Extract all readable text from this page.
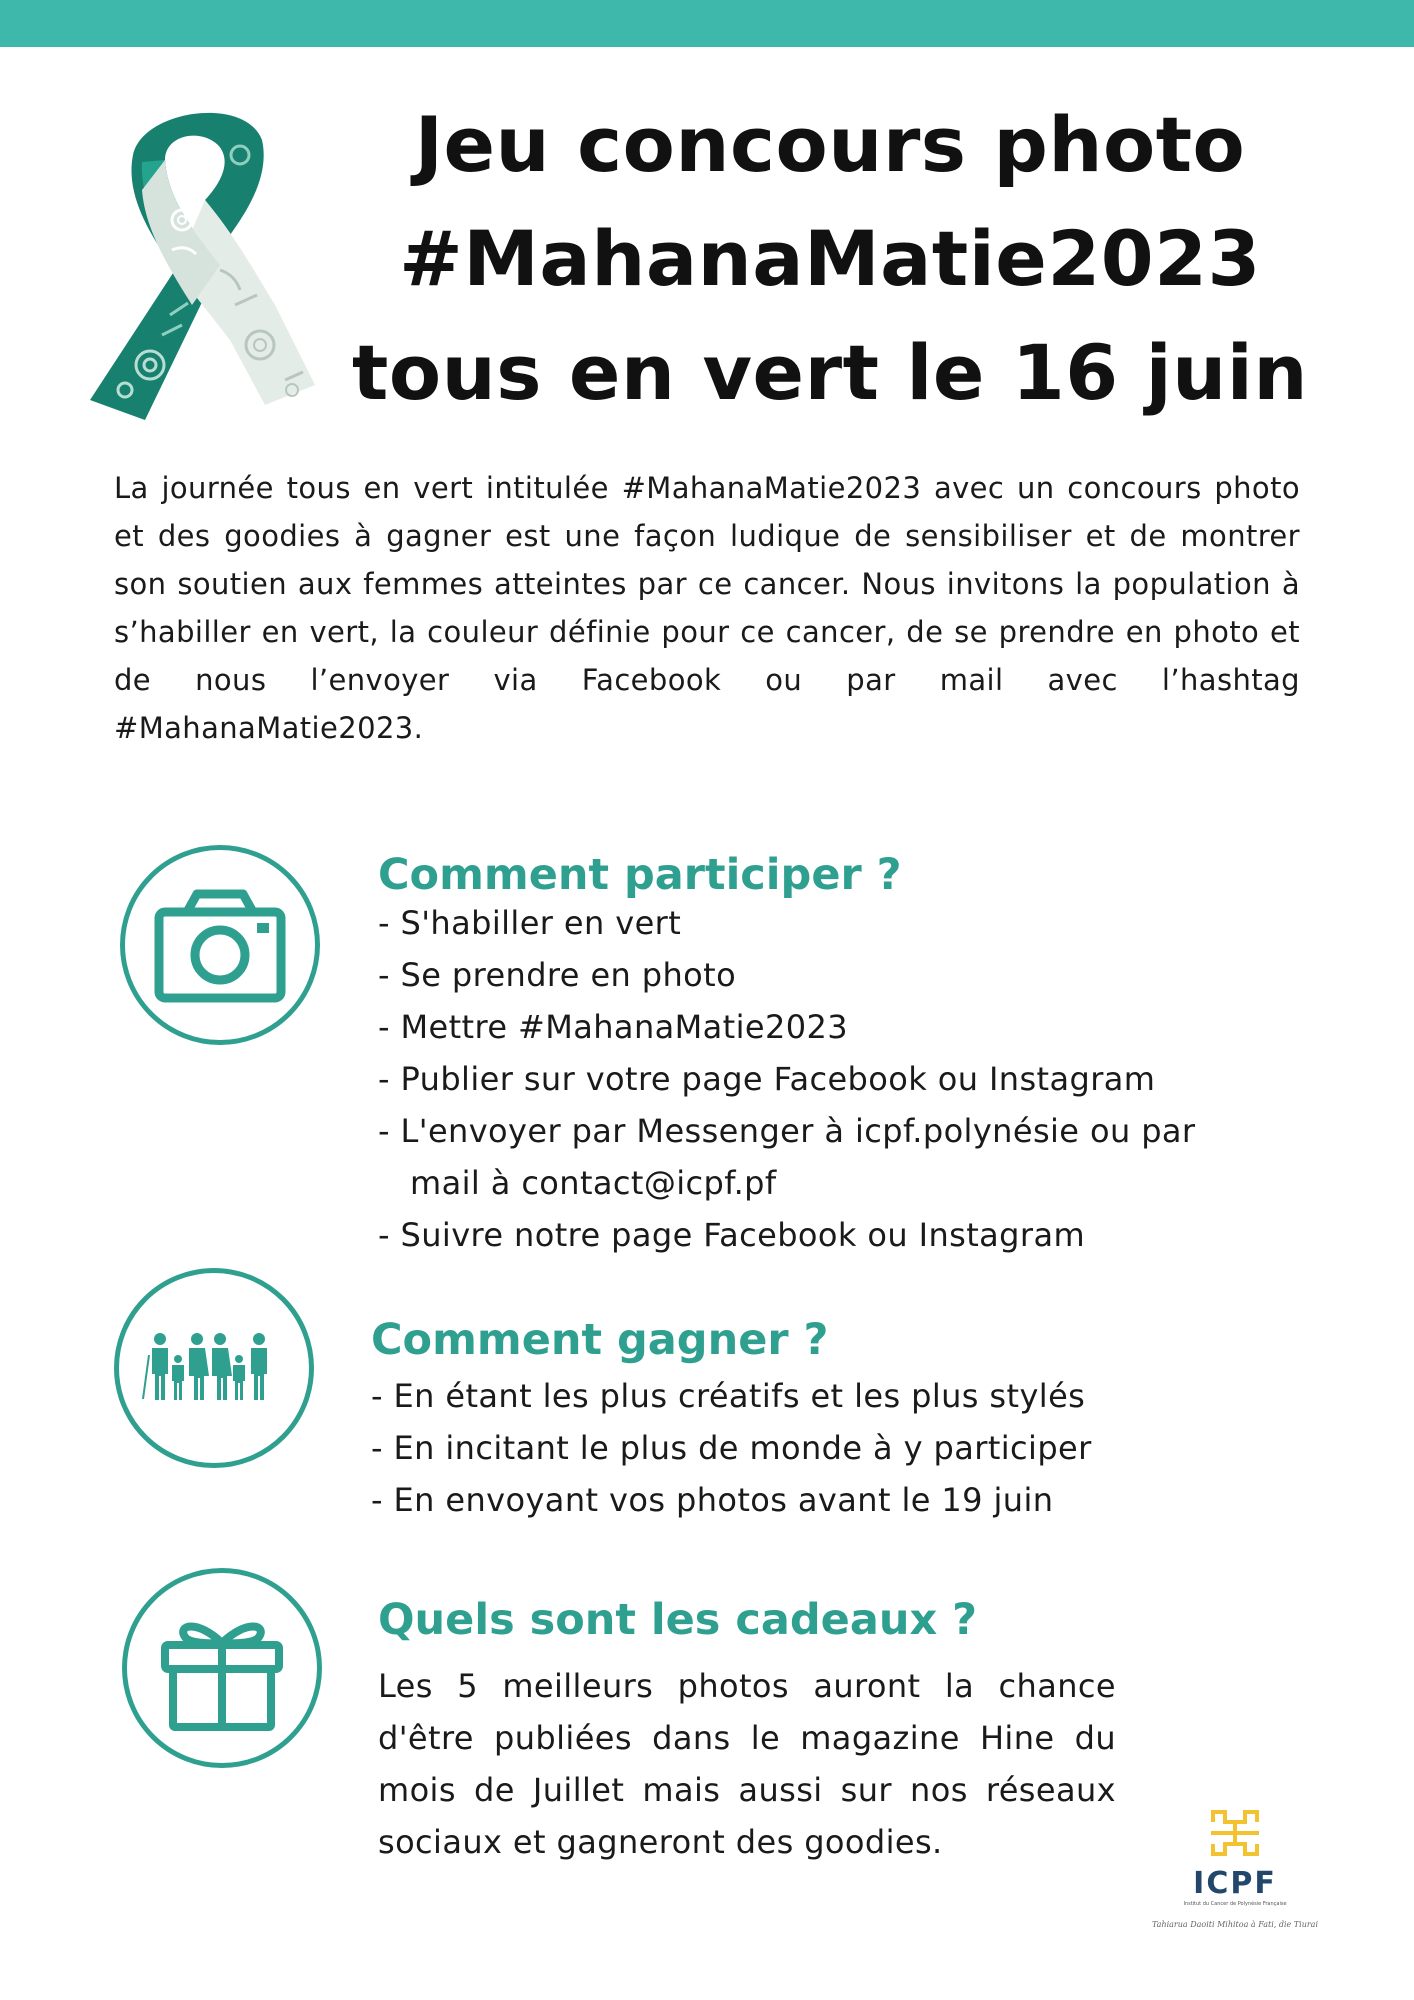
Jeu concours photo
#MahanaMatie2023
tous en vert le 16 juin

La journée tous en vert intitulée #MahanaMatie2023 avec un concours photo et des goodies à gagner est une façon ludique de sensibiliser et de montrer son soutien aux femmes atteintes par ce cancer. Nous invitons la population à s’habiller en vert, la couleur définie pour ce cancer, de se prendre en photo et de nous l’envoyer via Facebook ou par mail avec l’hashtag #MahanaMatie2023.

Comment participer ?
- S'habiller en vert
- Se prendre en photo
- Mettre #MahanaMatie2023
- Publier sur votre page Facebook ou Instagram
- L'envoyer par Messenger à icpf.polynésie ou par mail à contact@icpf.pf
- Suivre notre page Facebook ou Instagram
Comment gagner ?
- En étant les plus créatifs et les plus stylés
- En incitant le plus de monde à y participer
- En envoyant vos photos avant le 19 juin
Quels sont les cadeaux ?

Les 5 meilleurs photos auront la chance d'être publiées dans le magazine Hine du mois de Juillet mais aussi sur nos réseaux sociaux et gagneront des goodies.

ICPF
Institut du Cancer de Polynésie Française
Tahiarua Daoiti Mihitoa à Fati, die Tiurai
